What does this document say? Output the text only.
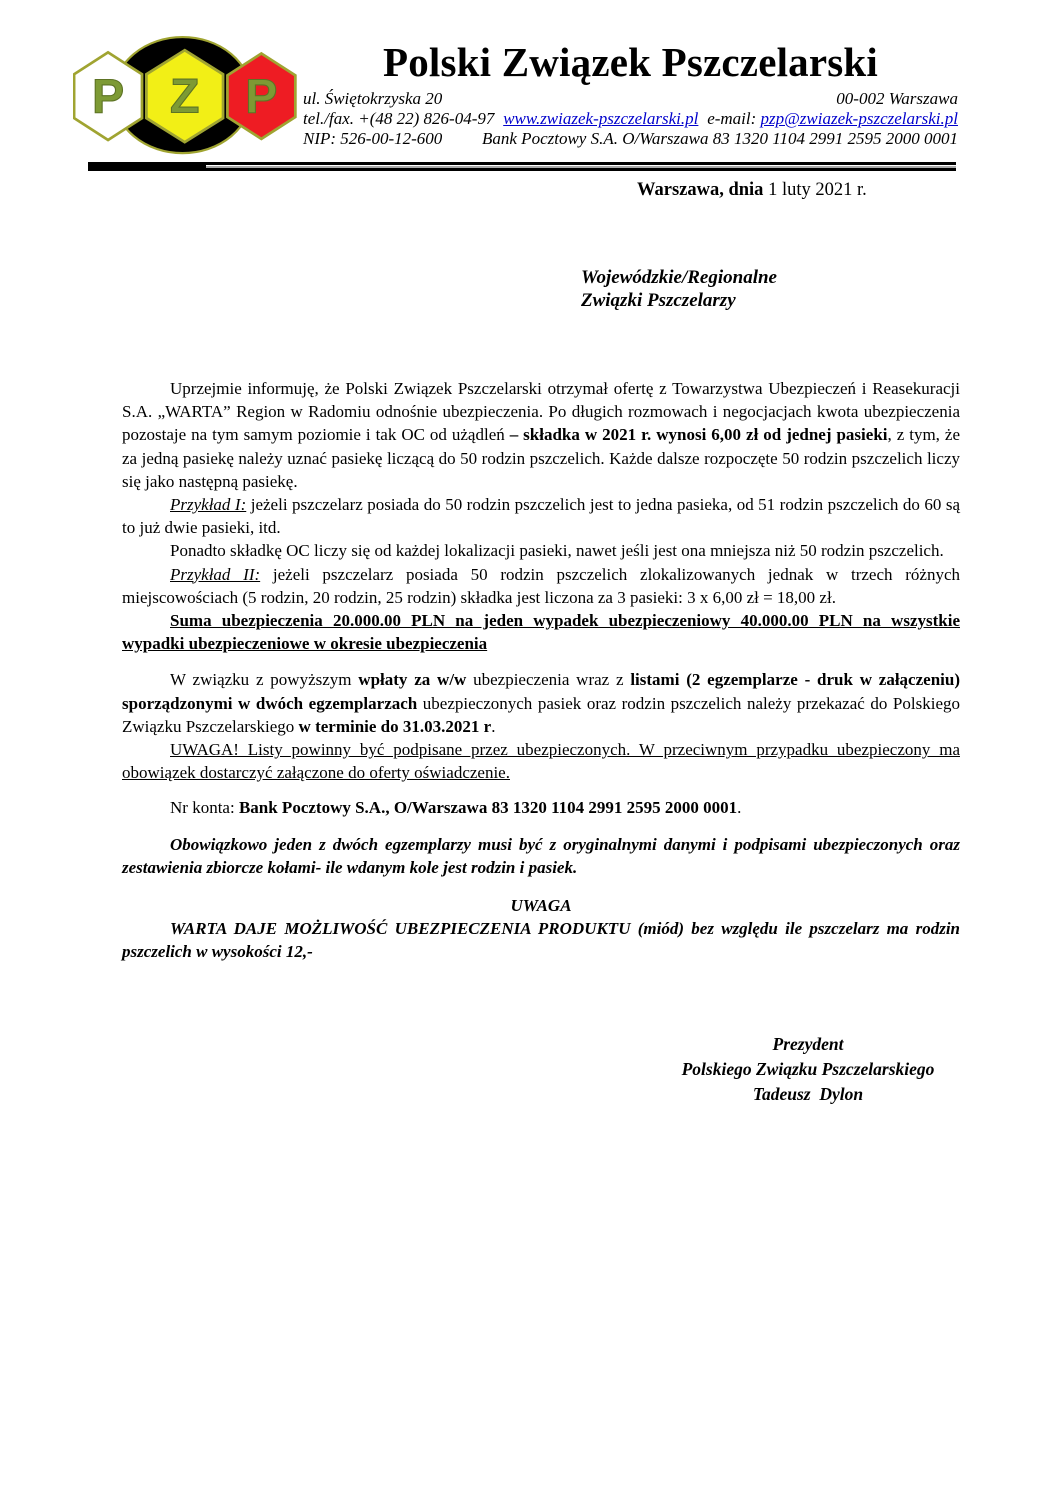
P Z P
Polski Związek Pszczelarski
ul. Świętokrzyska 20	00-002 Warszawa
tel./fax. +(48 22) 826-04-97 www.zwiazek-pszczelarski.pl e-mail: pzp@zwiazek-pszczelarski.pl
NIP: 526-00-12-600 Bank Pocztowy S.A. O/Warszawa 83 1320 1104 2991 2595 2000 0001
Warszawa, dnia 1 luty 2021 r.
Wojewódzkie/Regionalne
Związki Pszczelarzy

Uprzejmie informuję, że Polski Związek Pszczelarski otrzymał ofertę z Towarzystwa Ubezpieczeń i Reasekuracji S.A. „WARTA” Region w Radomiu odnośnie ubezpieczenia. Po długich rozmowach i negocjacjach kwota ubezpieczenia pozostaje na tym samym poziomie i tak OC od użądleń – składka w 2021 r. wynosi 6,00 zł od jednej pasieki, z tym, że za jedną pasiekę należy uznać pasiekę liczącą do 50 rodzin pszczelich. Każde dalsze rozpoczęte 50 rodzin pszczelich liczy się jako następną pasiekę.

Przykład I: jeżeli pszczelarz posiada do 50 rodzin pszczelich jest to jedna pasieka, od 51 rodzin pszczelich do 60 są to już dwie pasieki, itd.

Ponadto składkę OC liczy się od każdej lokalizacji pasieki, nawet jeśli jest ona mniejsza niż 50 rodzin pszczelich.

Przykład II: jeżeli pszczelarz posiada 50 rodzin pszczelich zlokalizowanych jednak w trzech różnych miejscowościach (5 rodzin, 20 rodzin, 25 rodzin) składka jest liczona za 3 pasieki: 3 x 6,00 zł = 18,00 zł.

Suma ubezpieczenia 20.000.00 PLN na jeden wypadek ubezpieczeniowy 40.000.00 PLN na wszystkie wypadki ubezpieczeniowe w okresie ubezpieczenia

W związku z powyższym wpłaty za w/w ubezpieczenia wraz z listami (2 egzemplarze - druk w załączeniu) sporządzonymi w dwóch egzemplarzach ubezpieczonych pasiek oraz rodzin pszczelich należy przekazać do Polskiego Związku Pszczelarskiego w terminie do 31.03.2021 r.

UWAGA! Listy powinny być podpisane przez ubezpieczonych. W przeciwnym przypadku ubezpieczony ma obowiązek dostarczyć załączone do oferty oświadczenie.

Nr konta: Bank Pocztowy S.A., O/Warszawa 83 1320 1104 2991 2595 2000 0001.

Obowiązkowo jeden z dwóch egzemplarzy musi być z oryginalnymi danymi i podpisami ubezpieczonych oraz zestawienia zbiorcze kołami- ile wdanym kole jest rodzin i pasiek.

UWAGA

WARTA DAJE MOŻLIWOŚĆ UBEZPIECZENIA PRODUKTU (miód) bez względu ile pszczelarz ma rodzin pszczelich w wysokości 12,-

Prezydent
Polskiego Związku Pszczelarskiego
Tadeusz  Dylon
